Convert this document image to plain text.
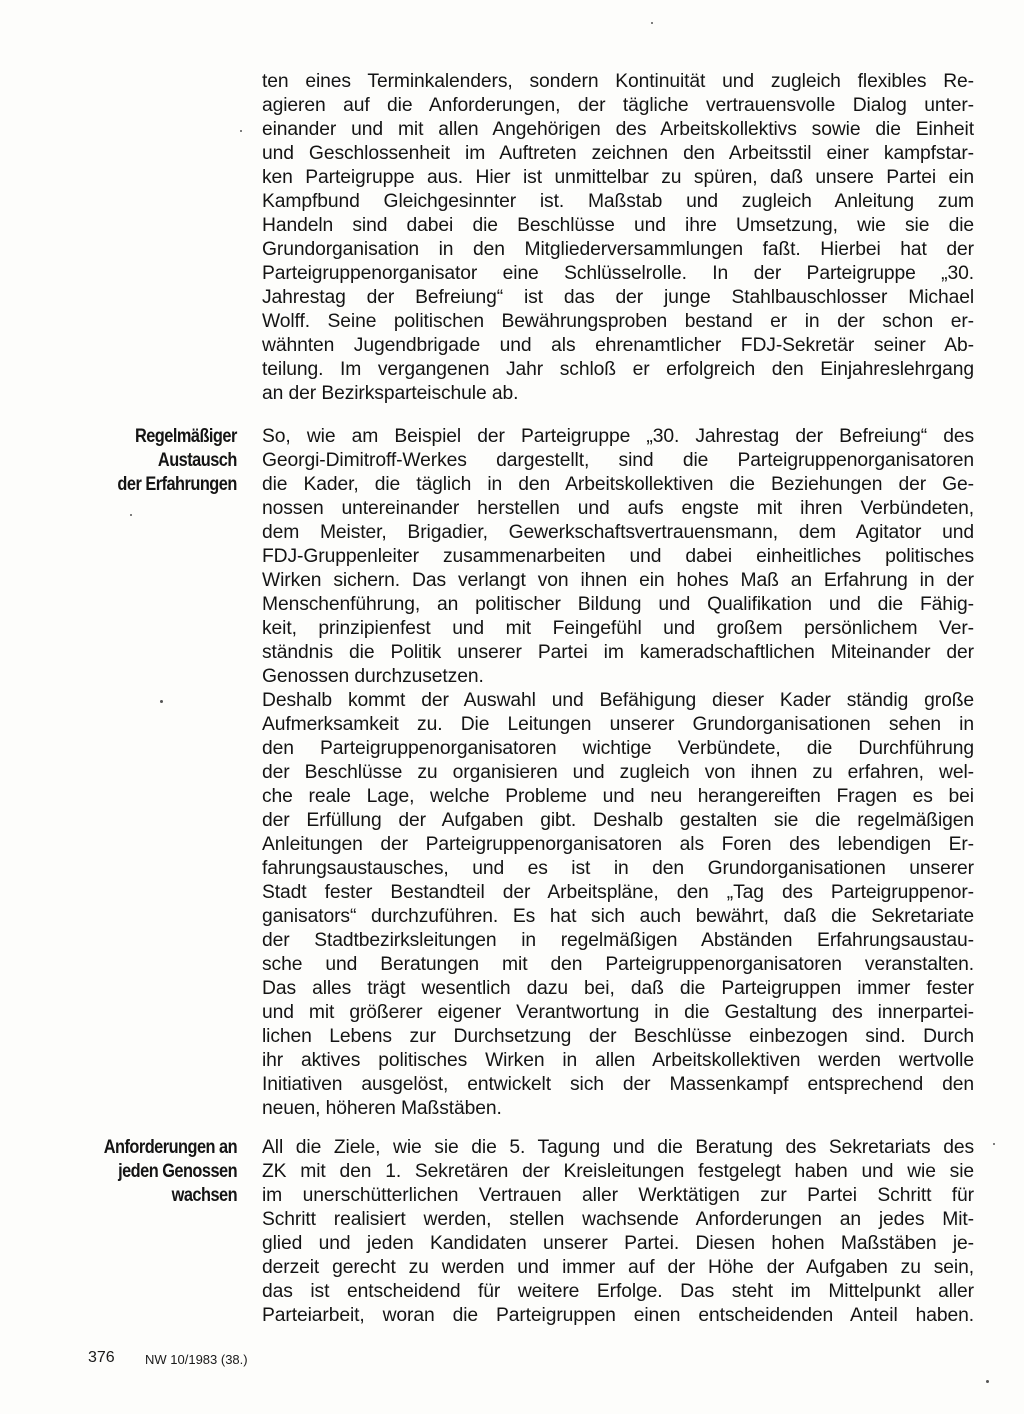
ten eines Terminkalenders, sondern Kontinuität und zugleich flexibles Re-
agieren auf die Anforderungen, der tägliche vertrauensvolle Dialog unter-
einander und mit allen Angehörigen des Arbeitskollektivs sowie die Einheit
und Geschlossenheit im Auftreten zeichnen den Arbeitsstil einer kampfstar-
ken Parteigruppe aus. Hier ist unmittelbar zu spüren, daß unsere Partei ein
Kampfbund Gleichgesinnter ist. Maßstab und zugleich Anleitung zum
Handeln sind dabei die Beschlüsse und ihre Umsetzung, wie sie die
Grundorganisation in den Mitgliederversammlungen faßt. Hierbei hat der
Parteigruppenorganisator eine Schlüsselrolle. In der Parteigruppe „30.
Jahrestag der Befreiung“ ist das der junge Stahlbauschlosser Michael
Wolff. Seine politischen Bewährungsproben bestand er in der schon er-
wähnten Jugendbrigade und als ehrenamtlicher FDJ-Sekretär seiner Ab-
teilung. Im vergangenen Jahr schloß er erfolgreich den Einjahreslehrgang
an der Bezirksparteischule ab.
Regelmäßiger
Austausch
der Erfahrungen
So, wie am Beispiel der Parteigruppe „30. Jahrestag der Befreiung“ des
Georgi-Dimitroff-Werkes dargestellt, sind die Parteigruppenorganisatoren
die Kader, die täglich in den Arbeitskollektiven die Beziehungen der Ge-
nossen untereinander herstellen und aufs engste mit ihren Verbündeten,
dem Meister, Brigadier, Gewerkschaftsvertrauensmann, dem Agitator und
FDJ-Gruppenleiter zusammenarbeiten und dabei einheitliches politisches
Wirken sichern. Das verlangt von ihnen ein hohes Maß an Erfahrung in der
Menschenführung, an politischer Bildung und Qualifikation und die Fähig-
keit, prinzipienfest und mit Feingefühl und großem persönlichem Ver-
ständnis die Politik unserer Partei im kameradschaftlichen Miteinander der
Genossen durchzusetzen.
Deshalb kommt der Auswahl und Befähigung dieser Kader ständig große
Aufmerksamkeit zu. Die Leitungen unserer Grundorganisationen sehen in
den Parteigruppenorganisatoren wichtige Verbündete, die Durchführung
der Beschlüsse zu organisieren und zugleich von ihnen zu erfahren, wel-
che reale Lage, welche Probleme und neu herangereiften Fragen es bei
der Erfüllung der Aufgaben gibt. Deshalb gestalten sie die regelmäßigen
Anleitungen der Parteigruppenorganisatoren als Foren des lebendigen Er-
fahrungsaustausches, und es ist in den Grundorganisationen unserer
Stadt fester Bestandteil der Arbeitspläne, den „Tag des Parteigruppenor-
ganisators“ durchzuführen. Es hat sich auch bewährt, daß die Sekretariate
der Stadtbezirksleitungen in regelmäßigen Abständen Erfahrungsaustau-
sche und Beratungen mit den Parteigruppenorganisatoren veranstalten.
Das alles trägt wesentlich dazu bei, daß die Parteigruppen immer fester
und mit größerer eigener Verantwortung in die Gestaltung des innerpartei-
lichen Lebens zur Durchsetzung der Beschlüsse einbezogen sind. Durch
ihr aktives politisches Wirken in allen Arbeitskollektiven werden wertvolle
Initiativen ausgelöst, entwickelt sich der Massenkampf entsprechend den
neuen, höheren Maßstäben.
Anforderungen an
jeden Genossen
wachsen
All die Ziele, wie sie die 5. Tagung und die Beratung des Sekretariats des
ZK mit den 1. Sekretären der Kreisleitungen festgelegt haben und wie sie
im unerschütterlichen Vertrauen aller Werktätigen zur Partei Schritt für
Schritt realisiert werden, stellen wachsende Anforderungen an jedes Mit-
glied und jeden Kandidaten unserer Partei. Diesen hohen Maßstäben je-
derzeit gerecht zu werden und immer auf der Höhe der Aufgaben zu sein,
das ist entscheidend für weitere Erfolge. Das steht im Mittelpunkt aller
Parteiarbeit, woran die Parteigruppen einen entscheidenden Anteil haben.
376 NW 10/1983 (38.)
